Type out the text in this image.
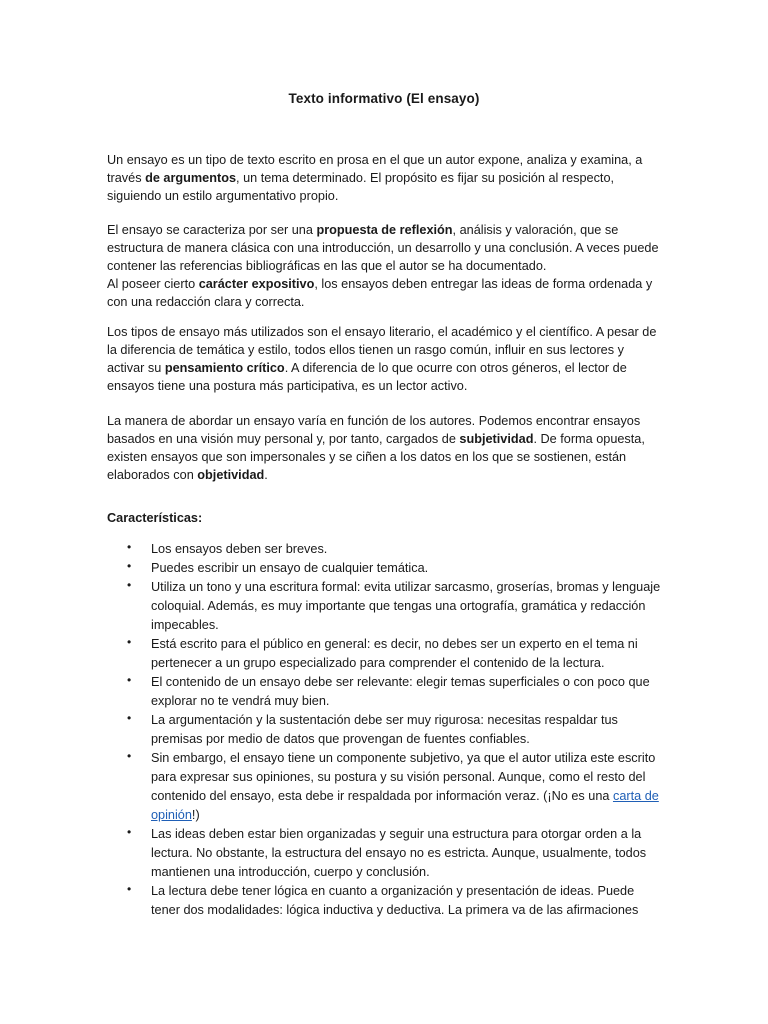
Texto informativo (El ensayo)
Un ensayo es un tipo de texto escrito en prosa en el que un autor expone, analiza y examina, a
través de argumentos, un tema determinado. El propósito es fijar su posición al respecto,
siguiendo un estilo argumentativo propio.
El ensayo se caracteriza por ser una propuesta de reflexión, análisis y valoración, que se
estructura de manera clásica con una introducción, un desarrollo y una conclusión. A veces puede
contener las referencias bibliográficas en las que el autor se ha documentado.
Al poseer cierto carácter expositivo, los ensayos deben entregar las ideas de forma ordenada y
con una redacción clara y correcta.
Los tipos de ensayo más utilizados son el ensayo literario, el académico y el científico. A pesar de
la diferencia de temática y estilo, todos ellos tienen un rasgo común, influir en sus lectores y
activar su pensamiento crítico. A diferencia de lo que ocurre con otros géneros, el lector de
ensayos tiene una postura más participativa, es un lector activo.
La manera de abordar un ensayo varía en función de los autores. Podemos encontrar ensayos
basados en una visión muy personal y, por tanto, cargados de subjetividad. De forma opuesta,
existen ensayos que son impersonales y se ciñen a los datos en los que se sostienen, están
elaborados con objetividad.
Características:
• Los ensayos deben ser breves.
• Puedes escribir un ensayo de cualquier temática.
• Utiliza un tono y una escritura formal: evita utilizar sarcasmo, groserías, bromas y lenguaje
coloquial. Además, es muy importante que tengas una ortografía, gramática y redacción
impecables.
• Está escrito para el público en general: es decir, no debes ser un experto en el tema ni
pertenecer a un grupo especializado para comprender el contenido de la lectura.
• El contenido de un ensayo debe ser relevante: elegir temas superficiales o con poco que
explorar no te vendrá muy bien.
• La argumentación y la sustentación debe ser muy rigurosa: necesitas respaldar tus
premisas por medio de datos que provengan de fuentes confiables.
• Sin embargo, el ensayo tiene un componente subjetivo, ya que el autor utiliza este escrito
para expresar sus opiniones, su postura y su visión personal. Aunque, como el resto del
contenido del ensayo, esta debe ir respaldada por información veraz. (¡No es una carta de
opinión!)
• Las ideas deben estar bien organizadas y seguir una estructura para otorgar orden a la
lectura. No obstante, la estructura del ensayo no es estricta. Aunque, usualmente, todos
mantienen una introducción, cuerpo y conclusión.
• La lectura debe tener lógica en cuanto a organización y presentación de ideas. Puede
tener dos modalidades: lógica inductiva y deductiva. La primera va de las afirmaciones
